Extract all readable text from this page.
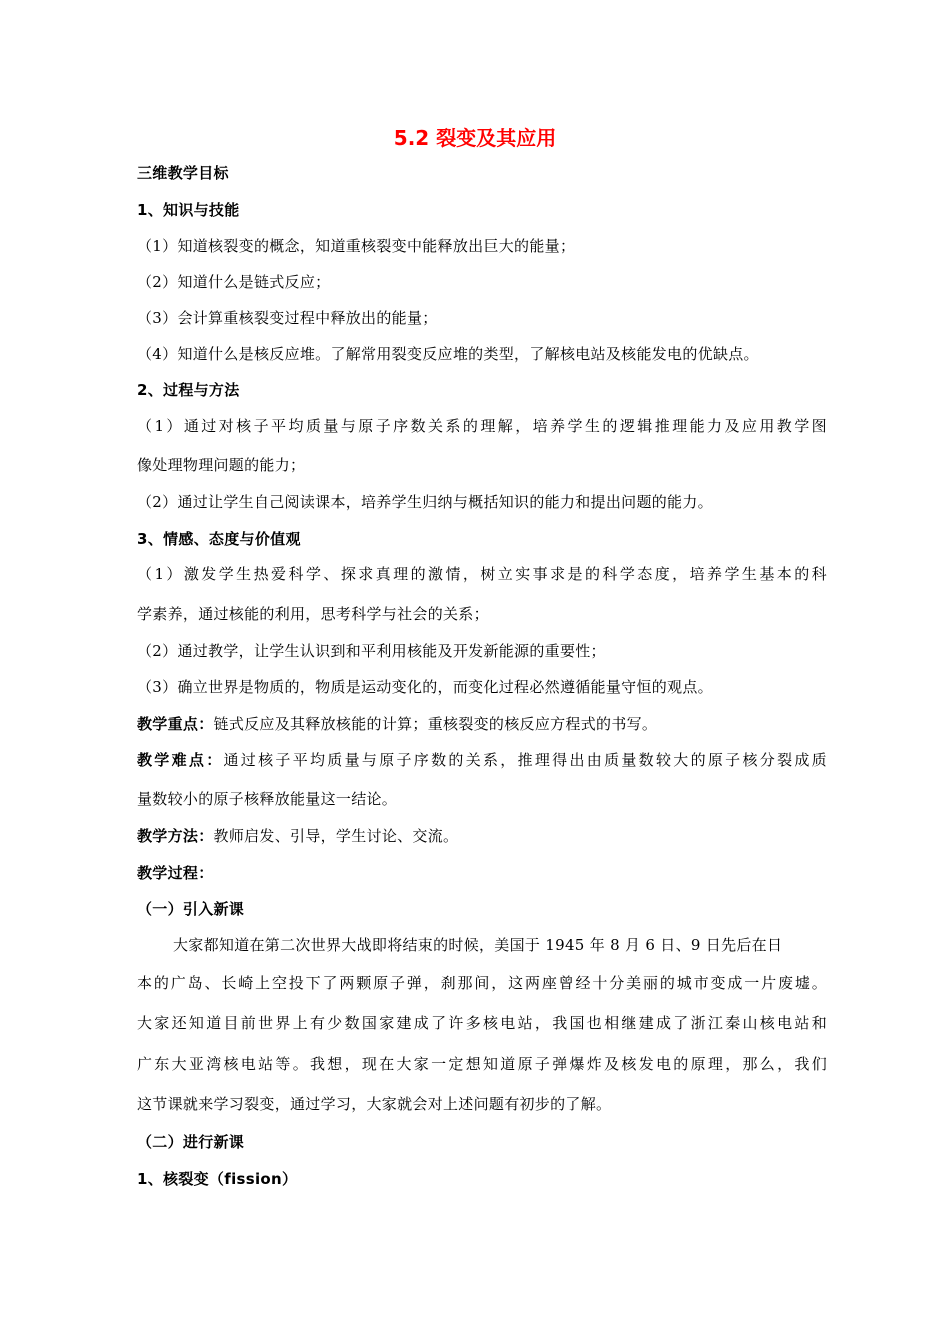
5.2 裂变及其应用
三维教学目标
1、知识与技能
（1）知道核裂变的概念，知道重核裂变中能释放出巨大的能量；
（2）知道什么是链式反应；
（3）会计算重核裂变过程中释放出的能量；
（4）知道什么是核反应堆。了解常用裂变反应堆的类型，了解核电站及核能发电的优缺点。
2、过程与方法
（1）通过对核子平均质量与原子序数关系的理解，培养学生的逻辑推理能力及应用教学图
像处理物理问题的能力；
（2）通过让学生自己阅读课本，培养学生归纳与概括知识的能力和提出问题的能力。
3、情感、态度与价值观
（1）激发学生热爱科学、探求真理的激情，树立实事求是的科学态度，培养学生基本的科
学素养，通过核能的利用，思考科学与社会的关系；
（2）通过教学，让学生认识到和平利用核能及开发新能源的重要性；
（3）确立世界是物质的，物质是运动变化的，而变化过程必然遵循能量守恒的观点。
教学重点：链式反应及其释放核能的计算；重核裂变的核反应方程式的书写。
教学难点：通过核子平均质量与原子序数的关系，推理得出由质量数较大的原子核分裂成质
量数较小的原子核释放能量这一结论。
教学方法：教师启发、引导，学生讨论、交流。
教学过程：
（一）引入新课
大家都知道在第二次世界大战即将结束的时候，美国于 1945 年 8 月 6 日、9 日先后在日
本的广岛、长崎上空投下了两颗原子弹，刹那间，这两座曾经十分美丽的城市变成一片废墟。
大家还知道目前世界上有少数国家建成了许多核电站，我国也相继建成了浙江秦山核电站和
广东大亚湾核电站等。我想，现在大家一定想知道原子弹爆炸及核发电的原理，那么，我们
这节课就来学习裂变，通过学习，大家就会对上述问题有初步的了解。
（二）进行新课
1、核裂变（fission）
